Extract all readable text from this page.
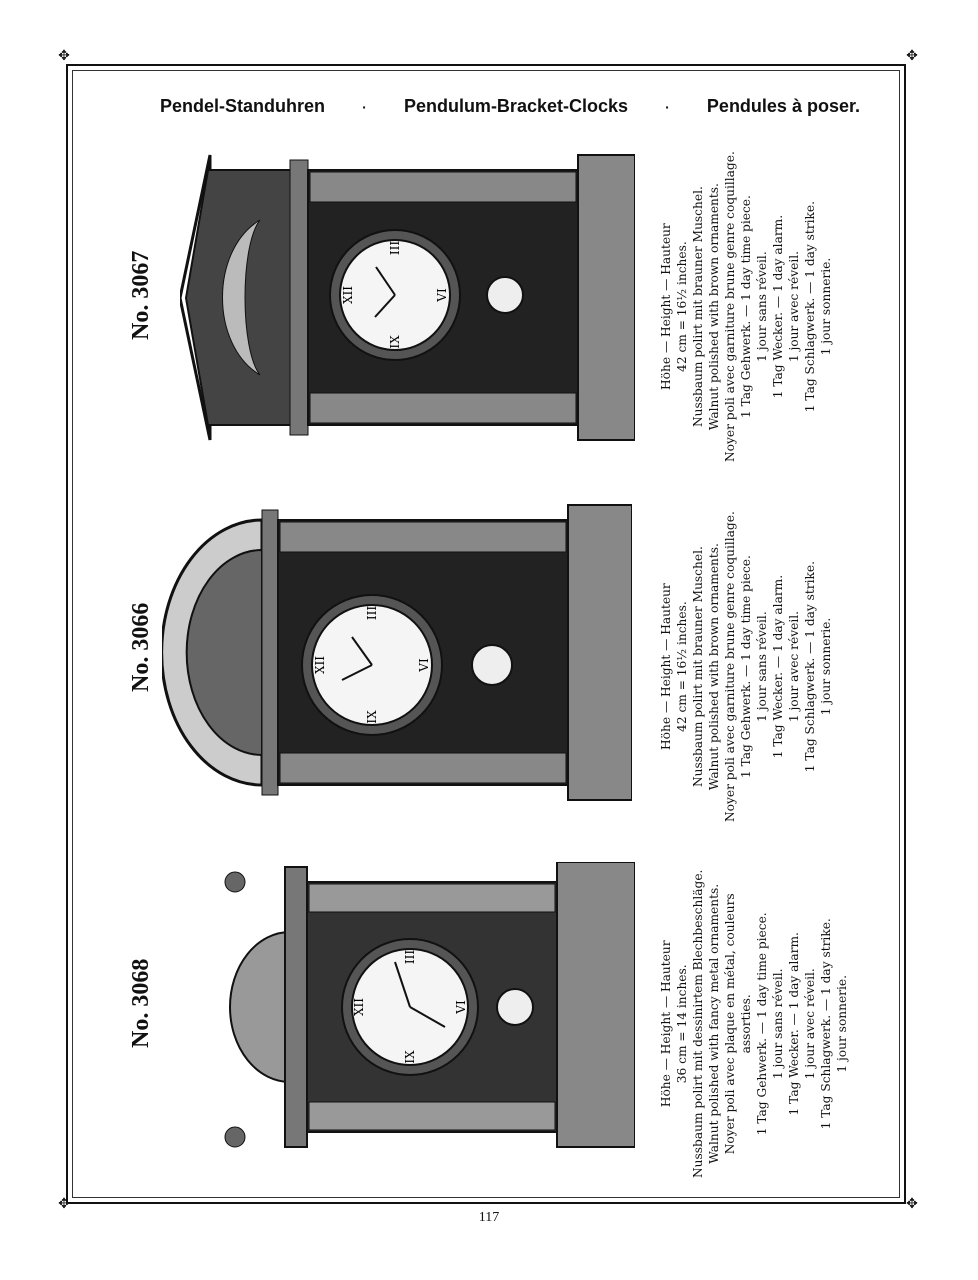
✥	✥
✥	✥
Pendel-Standuhren	· Pendulum-Bracket-Clocks	· Pendules à poser.
No. 3067
No. 3066
No. 3068
XII	VI
IX
III
XII	VI
IX
III
XII	VI
IX
III
Höhe — Height — Hauteur 42 cm = 16½ inches. Nussbaum polirt mit brauner Muschel. Walnut polished with brown ornaments. Noyer poli avec garniture brune genre coquillage. 1 Tag Gehwerk. — 1 day time piece. 1 jour sans réveil. 1 Tag Wecker. — 1 day alarm. 1 jour avec réveil. 1 Tag Schlagwerk. — 1 day strike. 1 jour sonnerie.
Höhe — Height — Hauteur 42 cm = 16½ inches. Nussbaum polirt mit brauner Muschel. Walnut polished with brown ornaments. Noyer poli avec garniture brune genre coquillage. 1 Tag Gehwerk. — 1 day time piece. 1 jour sans réveil. 1 Tag Wecker. — 1 day alarm. 1 jour avec réveil. 1 Tag Schlagwerk. — 1 day strike. 1 jour sonnerie.
Höhe — Height — Hauteur 36 cm = 14 inches. Nussbaum polirt mit dessinirtem Blechbeschläge. Walnut polished with fancy metal ornaments. Noyer poli avec plaque en métal, couleurs assorties. 1 Tag Gehwerk. — 1 day time piece. 1 jour sans réveil. 1 Tag Wecker. — 1 day alarm. 1 jour avec réveil. 1 Tag Schlagwerk. — 1 day strike. 1 jour sonnerie.
117
